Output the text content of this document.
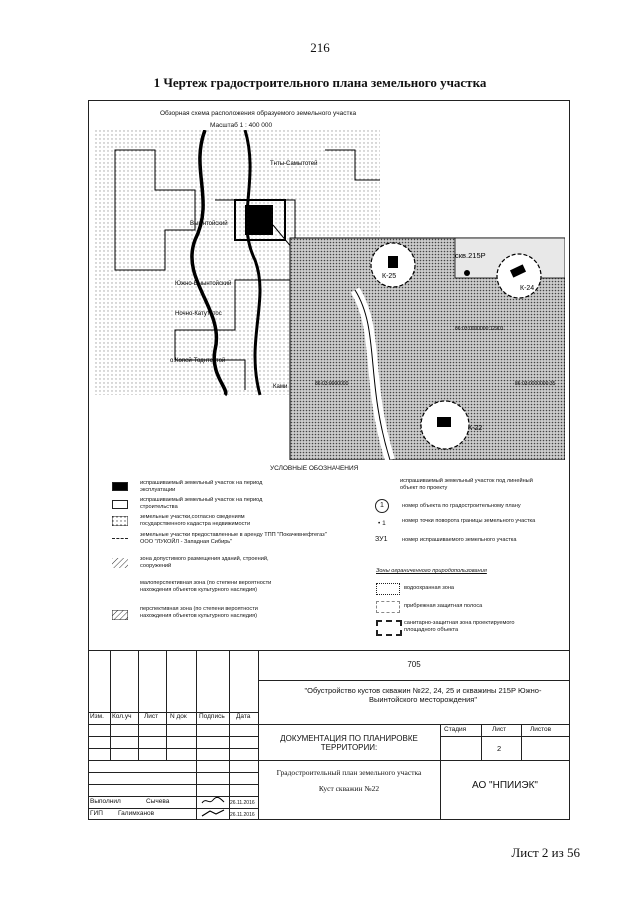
216
1 Чертеж градостроительного плана земельного участка
Обзорная схема расположения образуемого земельного участка
Масштаб 1 : 400 000
Тнты-Самытотей
Выынтойский
Южно-Выынтойский
Ночно-Катутатос
о.Копей-Тоднтсятой
Ками
К-25
скв.215Р
К-24
К-22
86:03:0000000:12901
86:03:0000000	86:03:0000000:35
УСЛОВНЫЕ ОБОЗНАЧЕНИЯ
испрашиваемый земельный участок на период эксплуатации
испрашиваемый земельный участок на период строительства
земельные участки,согласно сведениям государственного кадастра недвижимости
земельные участки предоставленные в аренду ТПП "Покачевнефтегаз" ООО "ЛУКОЙЛ - Западная Сибирь"
зона допустимого размещения зданий, строений, сооружений
малоперспективная зона (по степени вероятности нахождения объектов культурного наследия)
перспективная зона (по степени вероятности нахождения объектов культурного наследия)
испрашиваемый земельный участок под линейный объект по проекту
1	номер объекта по градостроительному плану
• 1	номер точки поворота границы земельного участка
ЗУ1	номер испрашиваемого земельного участка
Зоны ограниченного природопользования
водоохранная зона
прибрежная защитная полоса
санитарно-защитная зона проектируемого площадного объекта
705
"Обустройство кустов скважин №22, 24, 25 и скважины 215Р Южно-Выинтойского месторождения"
Изм. Кол.уч Лист N док Подпись Дата
ДОКУМЕНТАЦИЯ ПО ПЛАНИРОВКЕ ТЕРРИТОРИИ:
Стадия	Лист	Листов
2
Выполнил	Сычева	26.11.2016
ГИП Галимханов	26.11.2016
Градостроительный план земельного участка
Куст скважин №22	АО "НПИИЭК"
Лист 2 из 56
